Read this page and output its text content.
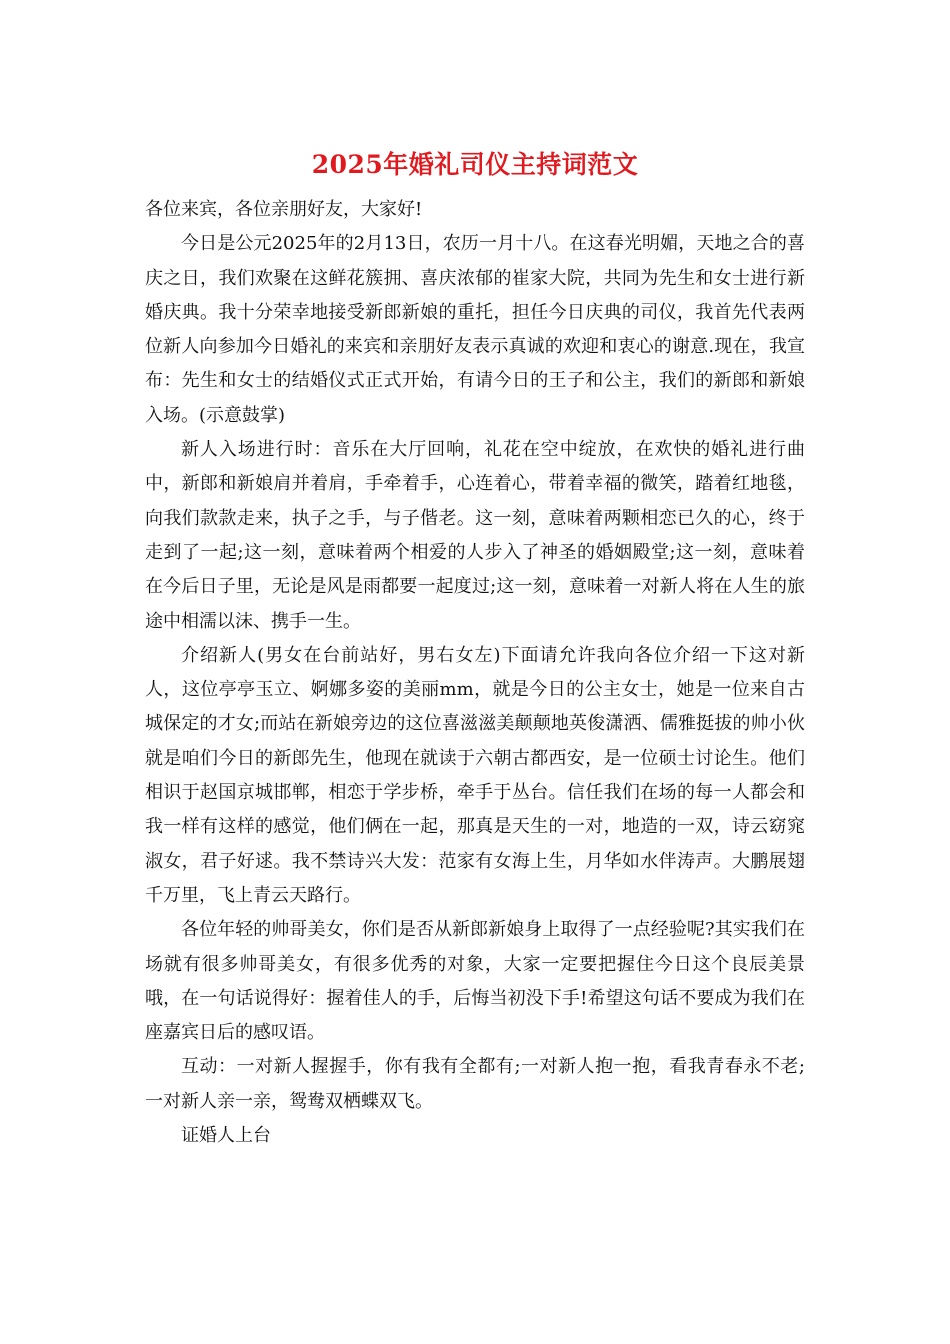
2025年婚礼司仪主持词范文

各位来宾，各位亲朋好友，大家好!

今日是公元2025年的2月13日，农历一月十八。在这春光明媚，天地之合的喜庆之日，我们欢聚在这鲜花簇拥、喜庆浓郁的崔家大院，共同为先生和女士进行新婚庆典。我十分荣幸地接受新郎新娘的重托，担任今日庆典的司仪，我首先代表两位新人向参加今日婚礼的来宾和亲朋好友表示真诚的欢迎和衷心的谢意.现在，我宣布：先生和女士的结婚仪式正式开始，有请今日的王子和公主，我们的新郎和新娘入场。(示意鼓掌)

新人入场进行时：音乐在大厅回响，礼花在空中绽放，在欢快的婚礼进行曲中，新郎和新娘肩并着肩，手牵着手，心连着心，带着幸福的微笑，踏着红地毯，向我们款款走来，执子之手，与子偕老。这一刻，意味着两颗相恋已久的心，终于走到了一起;这一刻，意味着两个相爱的人步入了神圣的婚姻殿堂;这一刻，意味着在今后日子里，无论是风是雨都要一起度过;这一刻，意味着一对新人将在人生的旅途中相濡以沫、携手一生。

介绍新人(男女在台前站好，男右女左)下面请允许我向各位介绍一下这对新人，这位亭亭玉立、婀娜多姿的美丽mm，就是今日的公主女士，她是一位来自古城保定的才女;而站在新娘旁边的这位喜滋滋美颠颠地英俊潇洒、儒雅挺拔的帅小伙就是咱们今日的新郎先生，他现在就读于六朝古都西安，是一位硕士讨论生。他们相识于赵国京城邯郸，相恋于学步桥，牵手于丛台。信任我们在场的每一人都会和我一样有这样的感觉，他们俩在一起，那真是天生的一对，地造的一双，诗云窈窕淑女，君子好逑。我不禁诗兴大发：范家有女海上生，月华如水伴涛声。大鹏展翅千万里，飞上青云天路行。

各位年轻的帅哥美女，你们是否从新郎新娘身上取得了一点经验呢?其实我们在场就有很多帅哥美女，有很多优秀的对象，大家一定要把握住今日这个良辰美景哦，在一句话说得好：握着佳人的手，后悔当初没下手!希望这句话不要成为我们在座嘉宾日后的感叹语。

互动：一对新人握握手，你有我有全都有;一对新人抱一抱，看我青春永不老;一对新人亲一亲，鸳鸯双栖蝶双飞。

证婚人上台
